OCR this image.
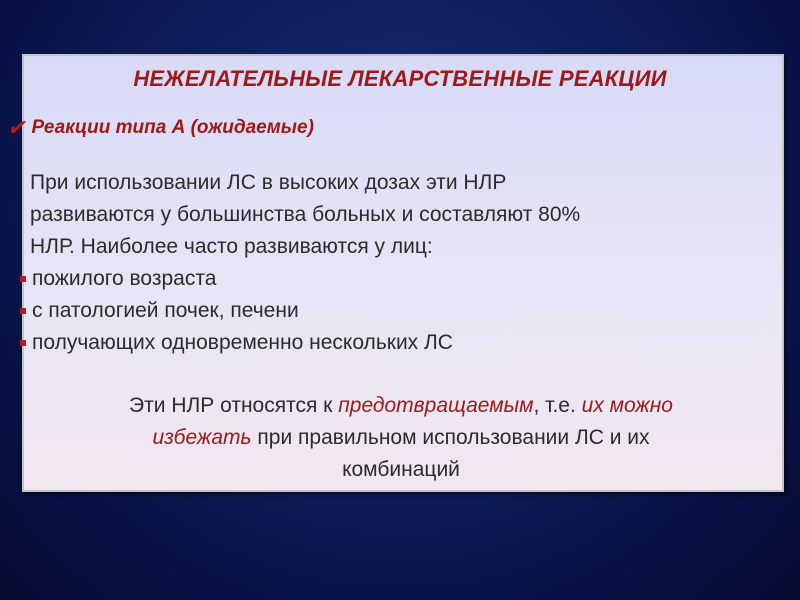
НЕЖЕЛАТЕЛЬНЫЕ ЛЕКАРСТВЕННЫЕ РЕАКЦИИ
✔ Реакции типа А (ожидаемые)
При использовании ЛС в высоких дозах эти НЛР
развиваются у большинства больных и составляют 80%
НЛР. Наиболее часто развиваются у лиц:
пожилого возраста
с патологией почек, печени
получающих одновременно нескольких ЛС
Эти НЛР относятся к предотвращаемым, т.е. их можно
избежать при правильном использовании ЛС и их
комбинаций
